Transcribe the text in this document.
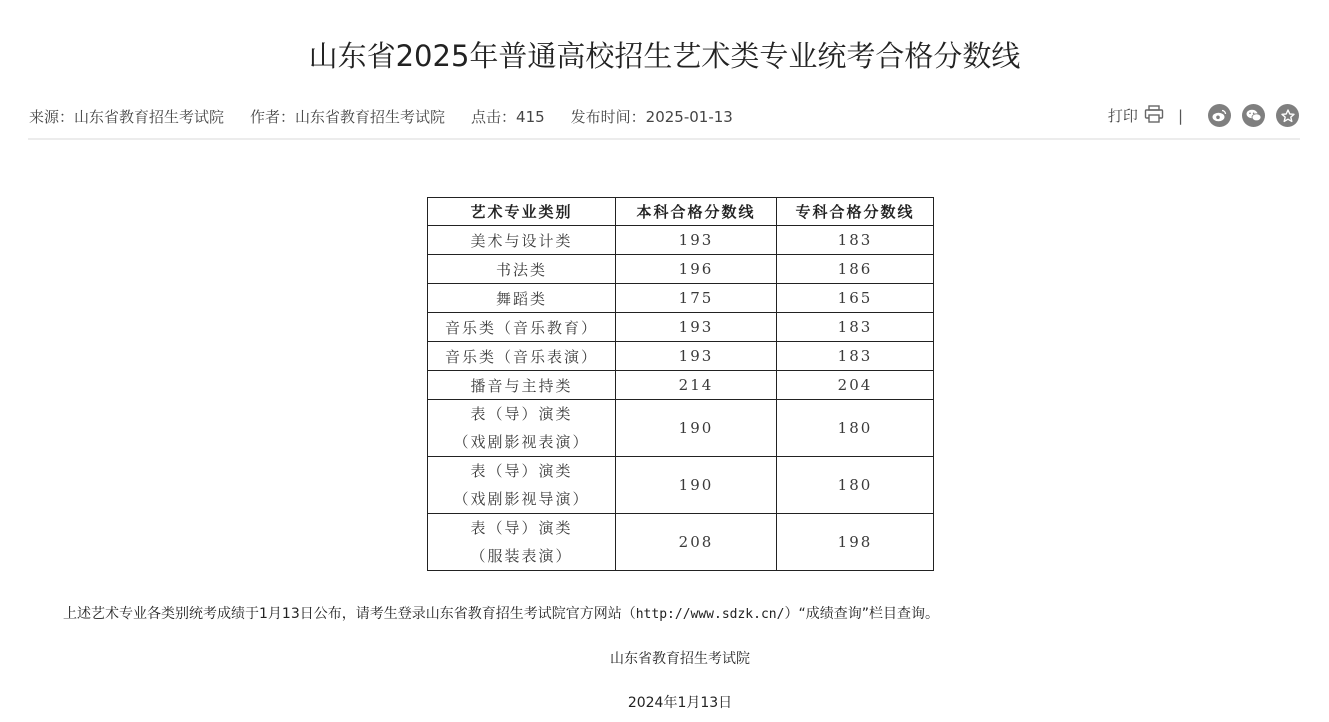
山东省2025年普通高校招生艺术类专业统考合格分数线
来源：山东省教育招生考试院 作者：山东省教育招生考试院 点击：415 发布时间：2025-01-13	打印	|
艺术专业类别	本科合格分数线	专科合格分数线
美术与设计类	193	183
书法类	196	186
舞蹈类	175	165
音乐类（音乐教育）	193	183
音乐类（音乐表演）	193	183
播音与主持类	214	204

表（导）演类
（戏剧影视表演）	190	180

表（导）演类
（戏剧影视导演）	190	180

表（导）演类
（服装表演）	208	198
上述艺术专业各类别统考成绩于1月13日公布，请考生登录山东省教育招生考试院官方网站（http://www.sdzk.cn/）“成绩查询”栏目查询。
山东省教育招生考试院
2024年1月13日
